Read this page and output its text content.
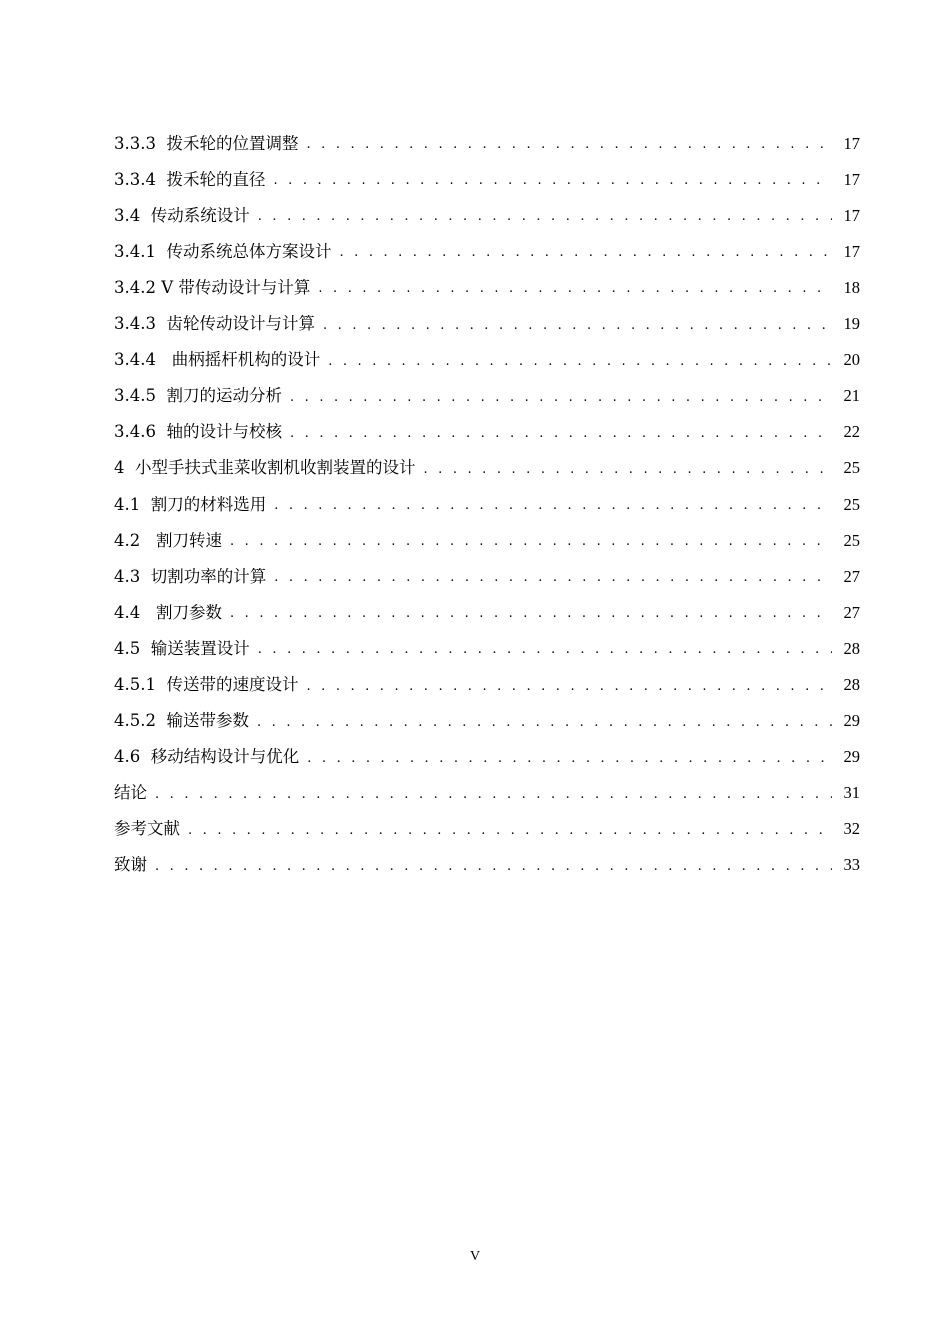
3.3.3  拨禾轮的位置调整 . . .	17
3.3.4  拨禾轮的直径 . . .	17
3.4  传动系统设计 . . .	17
3.4.1  传动系统总体方案设计 . . .	17
3.4.2 V 带传动设计与计算 . . .	18
3.4.3  齿轮传动设计与计算 . . .	19
3.4.4   曲柄摇杆机构的设计 . . .	20
3.4.5  割刀的运动分析 . . .	21
3.4.6  轴的设计与校核 . . .	22
4  小型手扶式韭菜收割机收割装置的设计 . . .	25
4.1  割刀的材料选用 . . .	25
4.2   割刀转速 . . .	25
4.3  切割功率的计算 . . .	27
4.4   割刀参数 . . .	27
4.5  输送装置设计 . . .	28
4.5.1  传送带的速度设计 . . .	28
4.5.2  输送带参数 . . .	29
4.6  移动结构设计与优化 . . .	29
结论 . . .	31
参考文献 . . .	32
致谢 . . .	33
V
